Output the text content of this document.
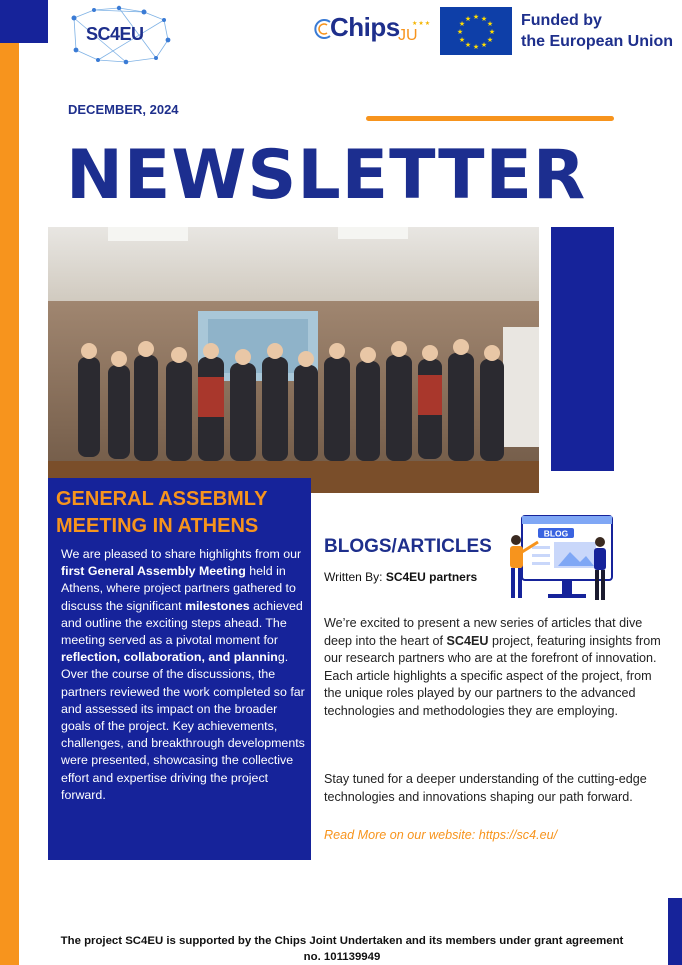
SC4EU	Chips ★★★
JU
★ ★
★
★
★
★
★
★
★
★
★
★	Funded by
the European Union
DECEMBER, 2024
NEWSLETTER
GENERAL ASSEBMLY
MEETING IN ATHENS
We are pleased to share highlights from our first General Assembly Meeting held in Athens, where project partners gathered to discuss the significant milestones achieved and outline the exciting steps ahead. The meeting served as a pivotal moment for reflection, collaboration, and planning. Over the course of the discussions, the partners reviewed the work completed so far and assessed its impact on the broader goals of the project. Key achievements, challenges, and breakthrough developments were presented, showcasing the collective effort and expertise driving the project forward.
BLOGS/ARTICLES
Written By: SC4EU partners
BLOG
We’re excited to present a new series of articles that dive deep into the heart of SC4EU project, featuring insights from our research partners who are at the forefront of innovation. Each article highlights a specific aspect of the project, from the unique roles played by our partners to the advanced technologies and methodologies they are employing.
Stay tuned for a deeper understanding of the cutting-edge technologies and innovations shaping our path forward.
Read More on our website: https://sc4.eu/
The project SC4EU is supported by the Chips Joint Undertaken and its members under grant agreement
no. 101139949
